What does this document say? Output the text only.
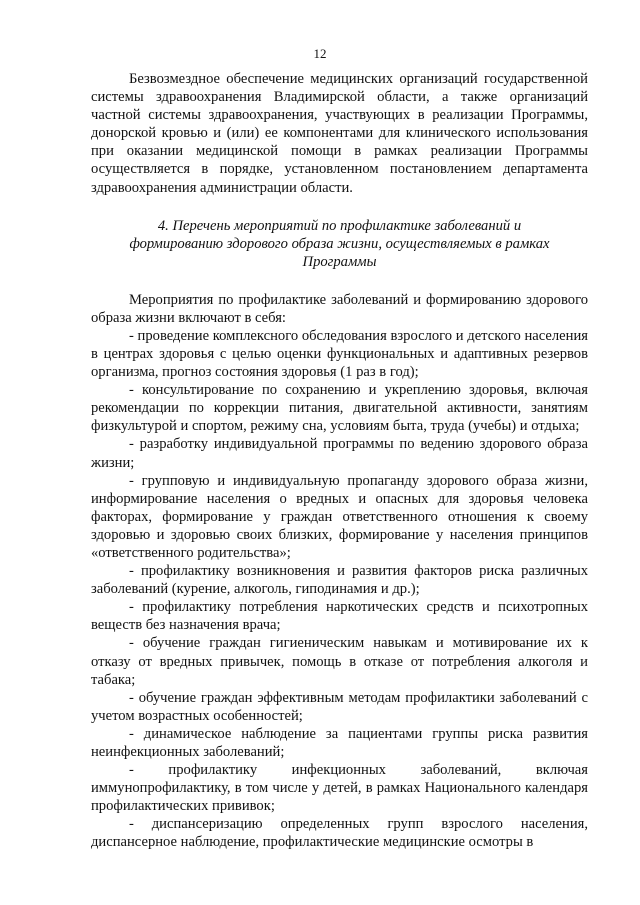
12

Безвозмездное обеспечение медицинских организаций государственной системы здравоохранения Владимирской области, а также организаций частной системы здравоохранения, участвующих в реализации Программы, донорской кровью и (или) ее компонентами для клинического использования при оказании медицинской помощи в рамках реализации Программы осуществляется в порядке, установленном постановлением департамента здравоохранения администрации области.

4. Перечень мероприятий по профилактике заболеваний и
формированию здорового образа жизни, осуществляемых в рамках
Программы

Мероприятия по профилактике заболеваний и формированию здорового образа жизни включают в себя:

- проведение комплексного обследования взрослого и детского населения в центрах здоровья с целью оценки функциональных и адаптивных резервов организма, прогноз состояния здоровья (1 раз в год);

- консультирование по сохранению и укреплению здоровья, включая рекомендации по коррекции питания, двигательной активности, занятиям физкультурой и спортом, режиму сна, условиям быта, труда (учебы) и отдыха;

- разработку индивидуальной программы по ведению здорового образа жизни;

- групповую и индивидуальную пропаганду здорового образа жизни, информирование населения о вредных и опасных для здоровья человека факторах, формирование у граждан ответственного отношения к своему здоровью и здоровью своих близких, формирование у населения принципов «ответственного родительства»;

- профилактику возникновения и развития факторов риска различных заболеваний (курение, алкоголь, гиподинамия и др.);

- профилактику потребления наркотических средств и психотропных веществ без назначения врача;

- обучение граждан гигиеническим навыкам и мотивирование их к отказу от вредных привычек, помощь в отказе от потребления алкоголя и табака;

- обучение граждан эффективным методам профилактики заболеваний с учетом возрастных особенностей;

- динамическое наблюдение за пациентами группы риска развития неинфекционных заболеваний;

- профилактику инфекционных заболеваний, включая иммунопрофилактику, в том числе у детей, в рамках Национального календаря профилактических прививок;

- диспансеризацию определенных групп взрослого населения, диспансерное наблюдение, профилактические медицинские осмотры в
